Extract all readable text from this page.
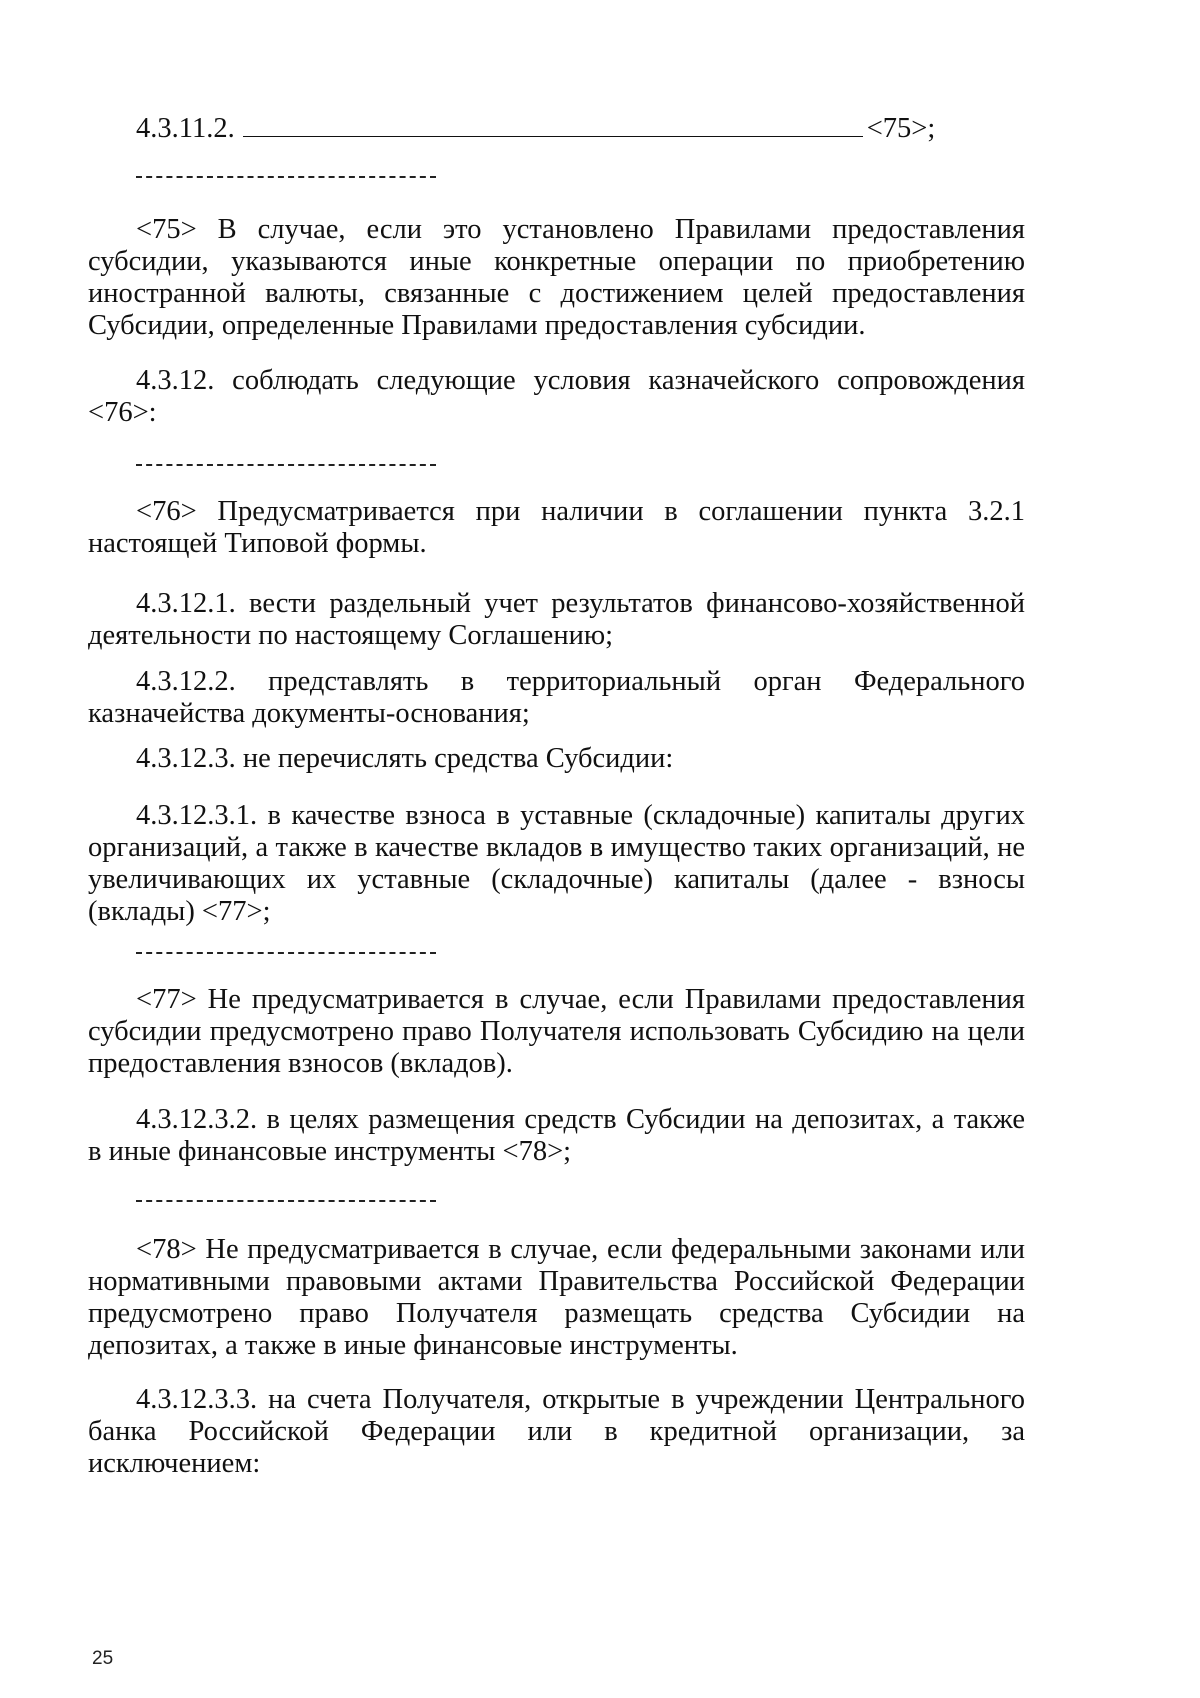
4.3.11.2.	<75>;

<75> В случае, если это установлено Правилами предоставления субсидии, указываются иные конкретные операции по приобретению иностранной валюты, связанные с достижением целей предоставления Субсидии, определенные Правилами предоставления субсидии.

4.3.12. соблюдать следующие условия казначейского сопровождения <76>:

<76> Предусматривается при наличии в соглашении пункта 3.2.1 настоящей Типовой формы.

4.3.12.1. вести раздельный учет результатов финансово-хозяйственной деятельности по настоящему Соглашению;

4.3.12.2. представлять в территориальный орган Федерального казначейства документы-основания;

4.3.12.3. не перечислять средства Субсидии:

4.3.12.3.1. в качестве взноса в уставные (складочные) капиталы других организаций, а также в качестве вкладов в имущество таких организаций, не увеличивающих их уставные (складочные) капиталы (далее - взносы (вклады) <77>;

<77> Не предусматривается в случае, если Правилами предоставления субсидии предусмотрено право Получателя использовать Субсидию на цели предоставления взносов (вкладов).

4.3.12.3.2. в целях размещения средств Субсидии на депозитах, а также в иные финансовые инструменты <78>;

<78> Не предусматривается в случае, если федеральными законами или нормативными правовыми актами Правительства Российской Федерации предусмотрено право Получателя размещать средства Субсидии на депозитах, а также в иные финансовые инструменты.

4.3.12.3.3. на счета Получателя, открытые в учреждении Центрального банка Российской Федерации или в кредитной организации, за исключением:

25
